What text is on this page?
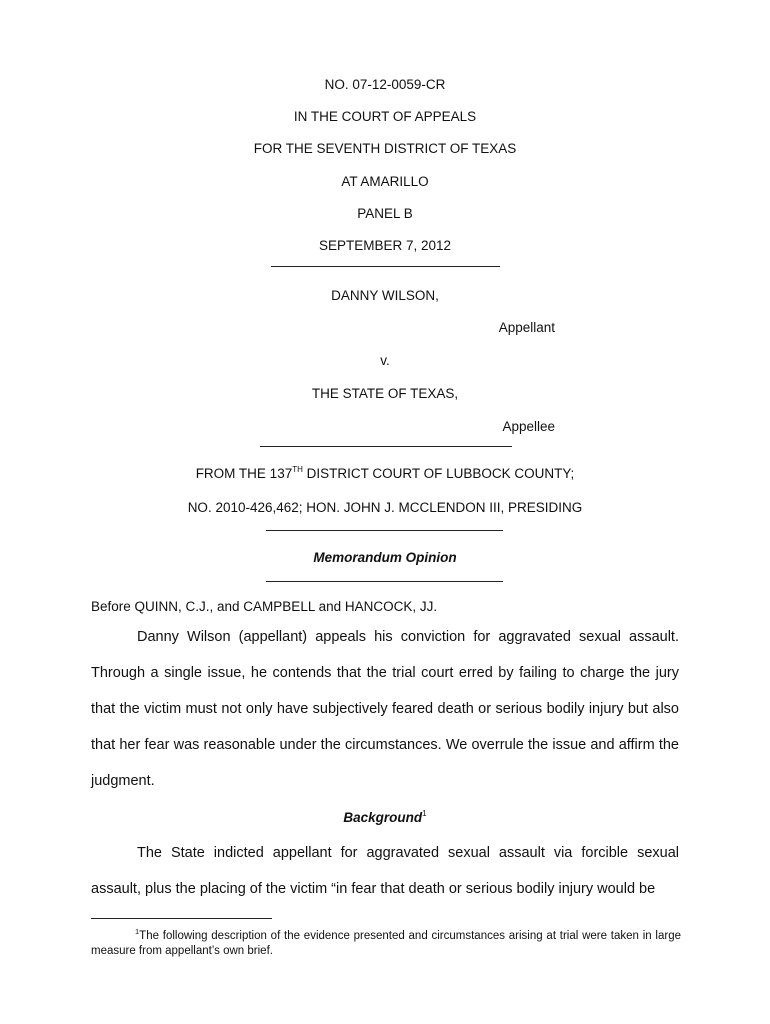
NO. 07-12-0059-CR
IN THE COURT OF APPEALS
FOR THE SEVENTH DISTRICT OF TEXAS
AT AMARILLO
PANEL B
SEPTEMBER 7, 2012
DANNY WILSON,
Appellant
v.
THE STATE OF TEXAS,
Appellee
FROM THE 137TH DISTRICT COURT OF LUBBOCK COUNTY;
NO. 2010-426,462; HON. JOHN J. MCCLENDON III, PRESIDING
Memorandum Opinion
Before QUINN, C.J., and CAMPBELL and HANCOCK, JJ.
Danny Wilson (appellant) appeals his conviction for aggravated sexual assault. Through a single issue, he contends that the trial court erred by failing to charge the jury that the victim must not only have subjectively feared death or serious bodily injury but also that her fear was reasonable under the circumstances. We overrule the issue and affirm the judgment.
Background$^1$
The State indicted appellant for aggravated sexual assault via forcible sexual assault, plus the placing of the victim “in fear that death or serious bodily injury would be
$^1$The following description of the evidence presented and circumstances arising at trial were taken in large measure from appellant’s own brief.
